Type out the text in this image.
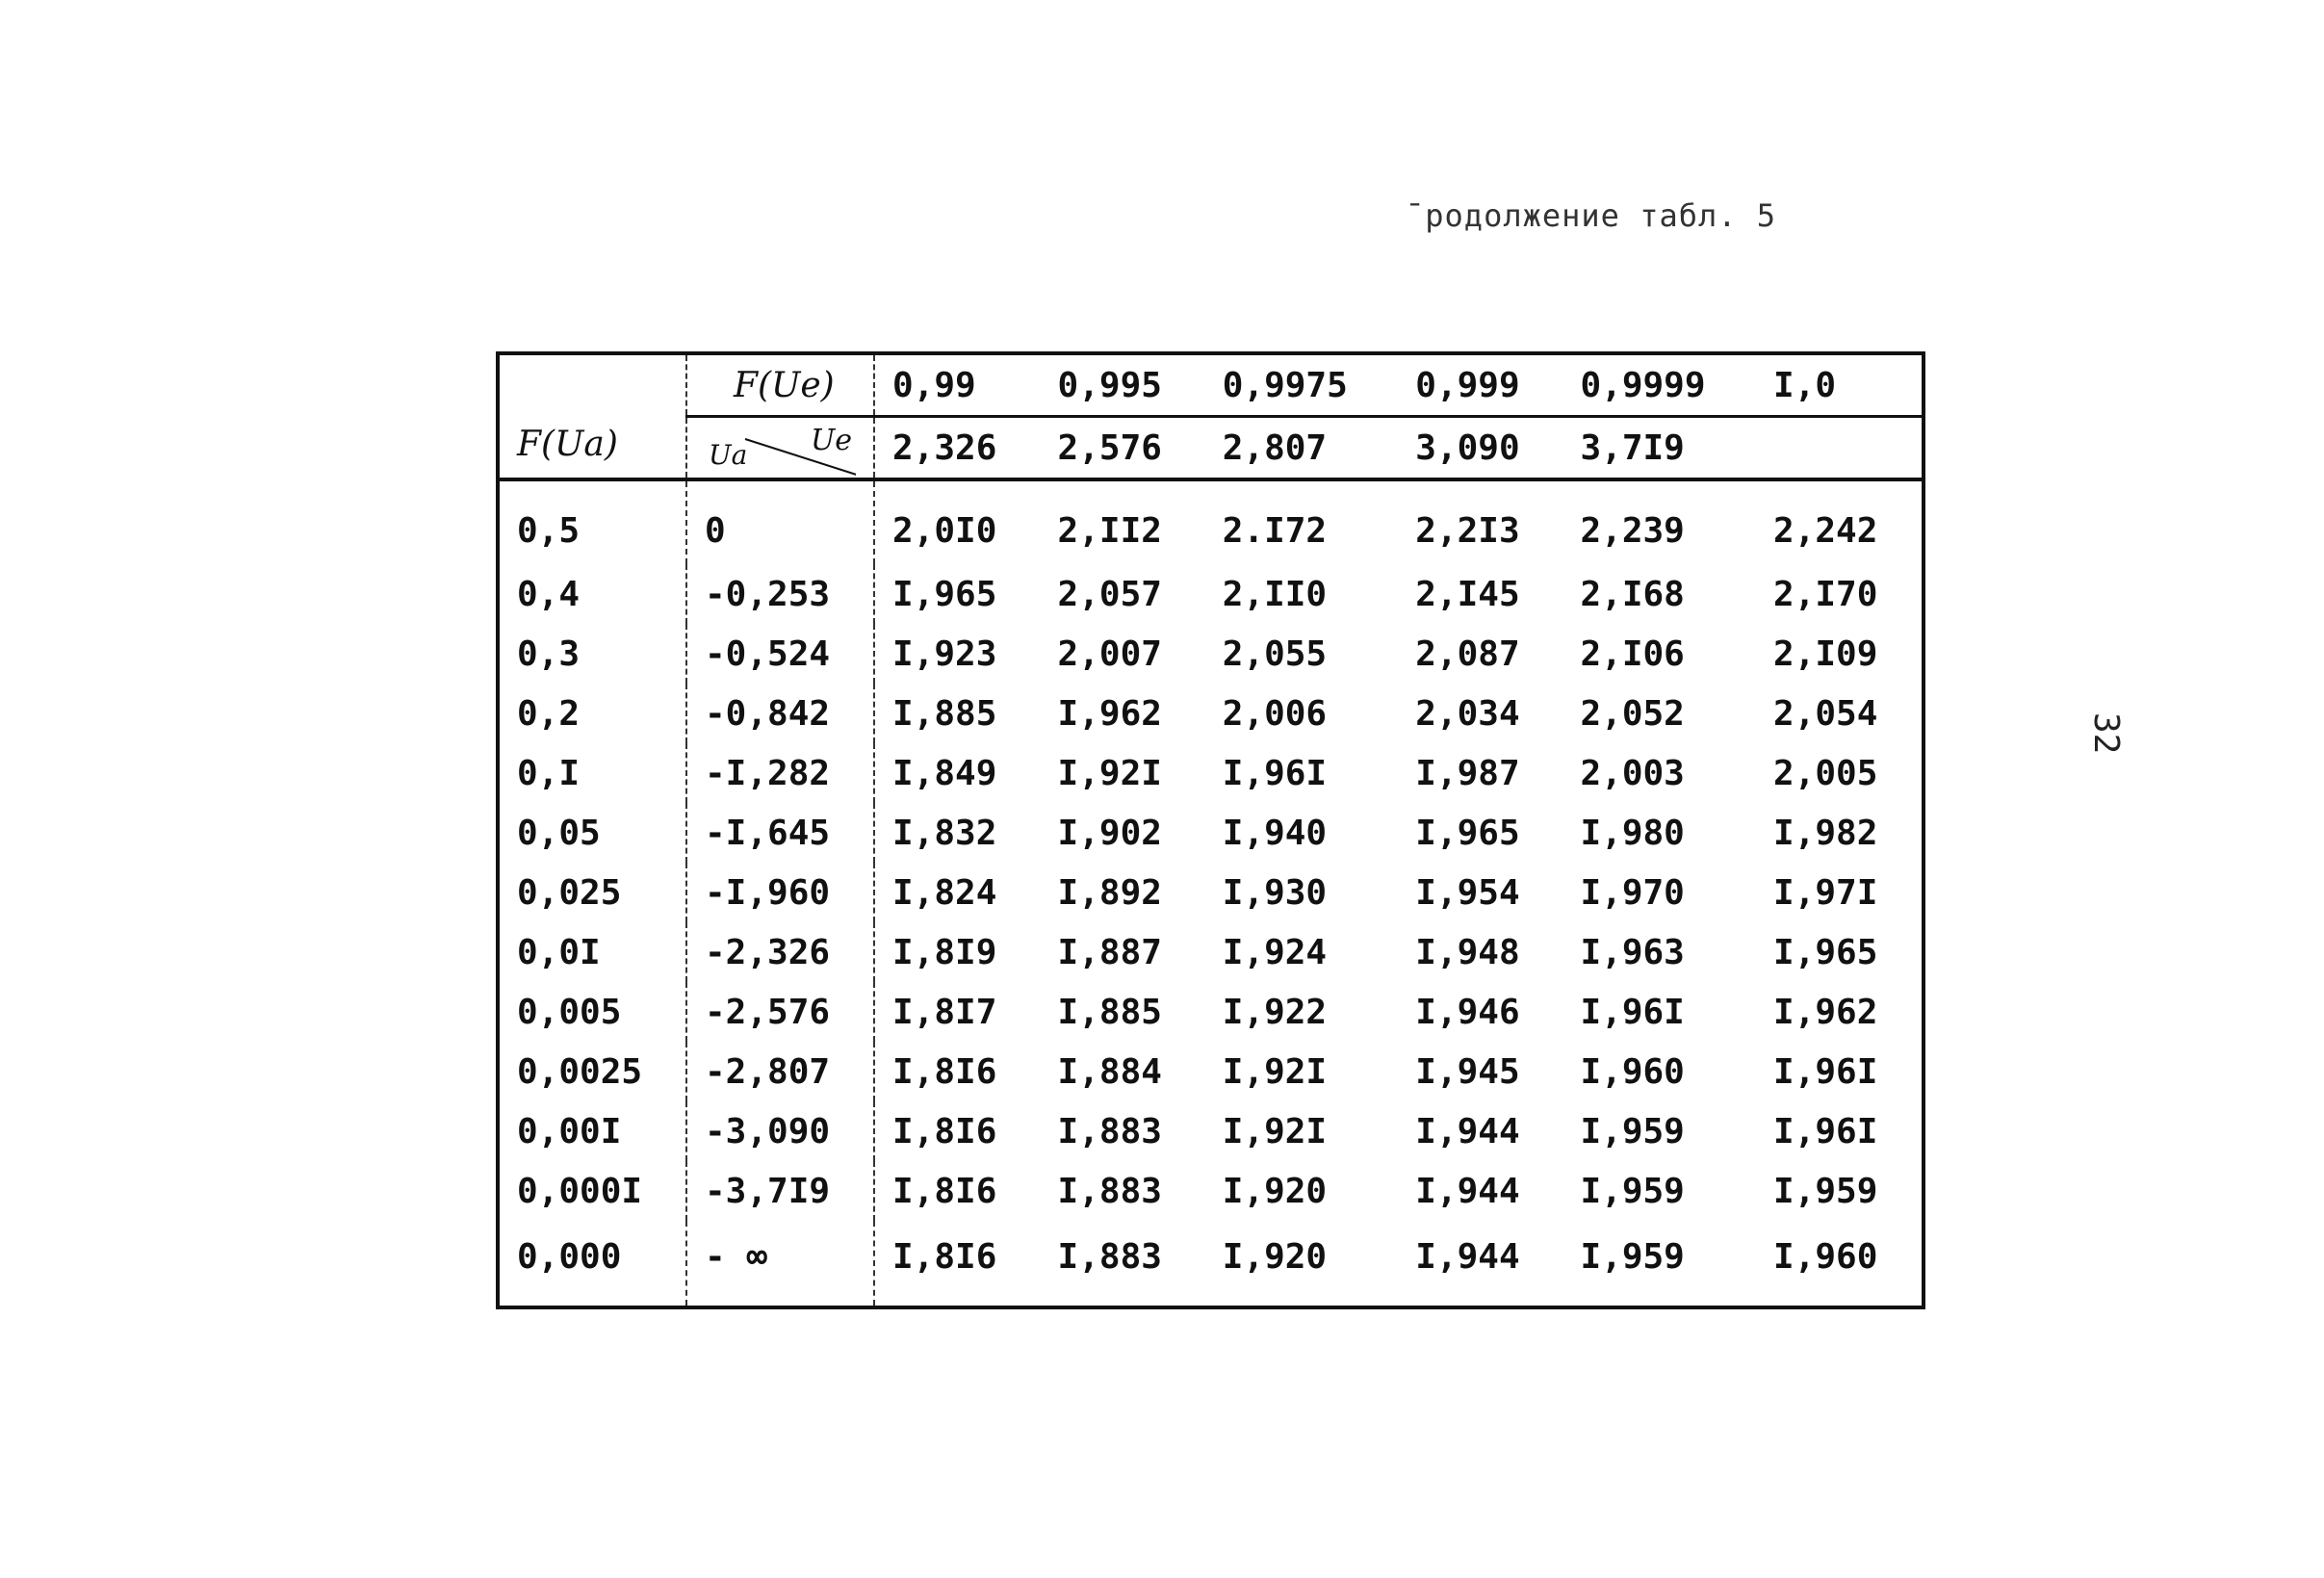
¯родолжение табл. 5
32
F(Ua)	F(Ue)	0,99	0,995	0,9975	0,999	0,9999	I,0

	Ua Ue	2,326	2,576	2,807	3,090	3,7I9	
0,5	0	2,0I0	2,II2	2.I72	2,2I3	2,239	2,242
0,4	-0,253	I,965	2,057	2,II0	2,I45	2,I68	2,I70
0,3	-0,524	I,923	2,007	2,055	2,087	2,I06	2,I09
0,2	-0,842	I,885	I,962	2,006	2,034	2,052	2,054
0,I	-I,282	I,849	I,92I	I,96I	I,987	2,003	2,005
0,05	-I,645	I,832	I,902	I,940	I,965	I,980	I,982
0,025	-I,960	I,824	I,892	I,930	I,954	I,970	I,97I
0,0I	-2,326	I,8I9	I,887	I,924	I,948	I,963	I,965
0,005	-2,576	I,8I7	I,885	I,922	I,946	I,96I	I,962
0,0025	-2,807	I,8I6	I,884	I,92I	I,945	I,960	I,96I
0,00I	-3,090	I,8I6	I,883	I,92I	I,944	I,959	I,96I
0,000I	-3,7I9	I,8I6	I,883	I,920	I,944	I,959	I,959
0,000	- ∞	I,8I6	I,883	I,920	I,944	I,959	I,960
